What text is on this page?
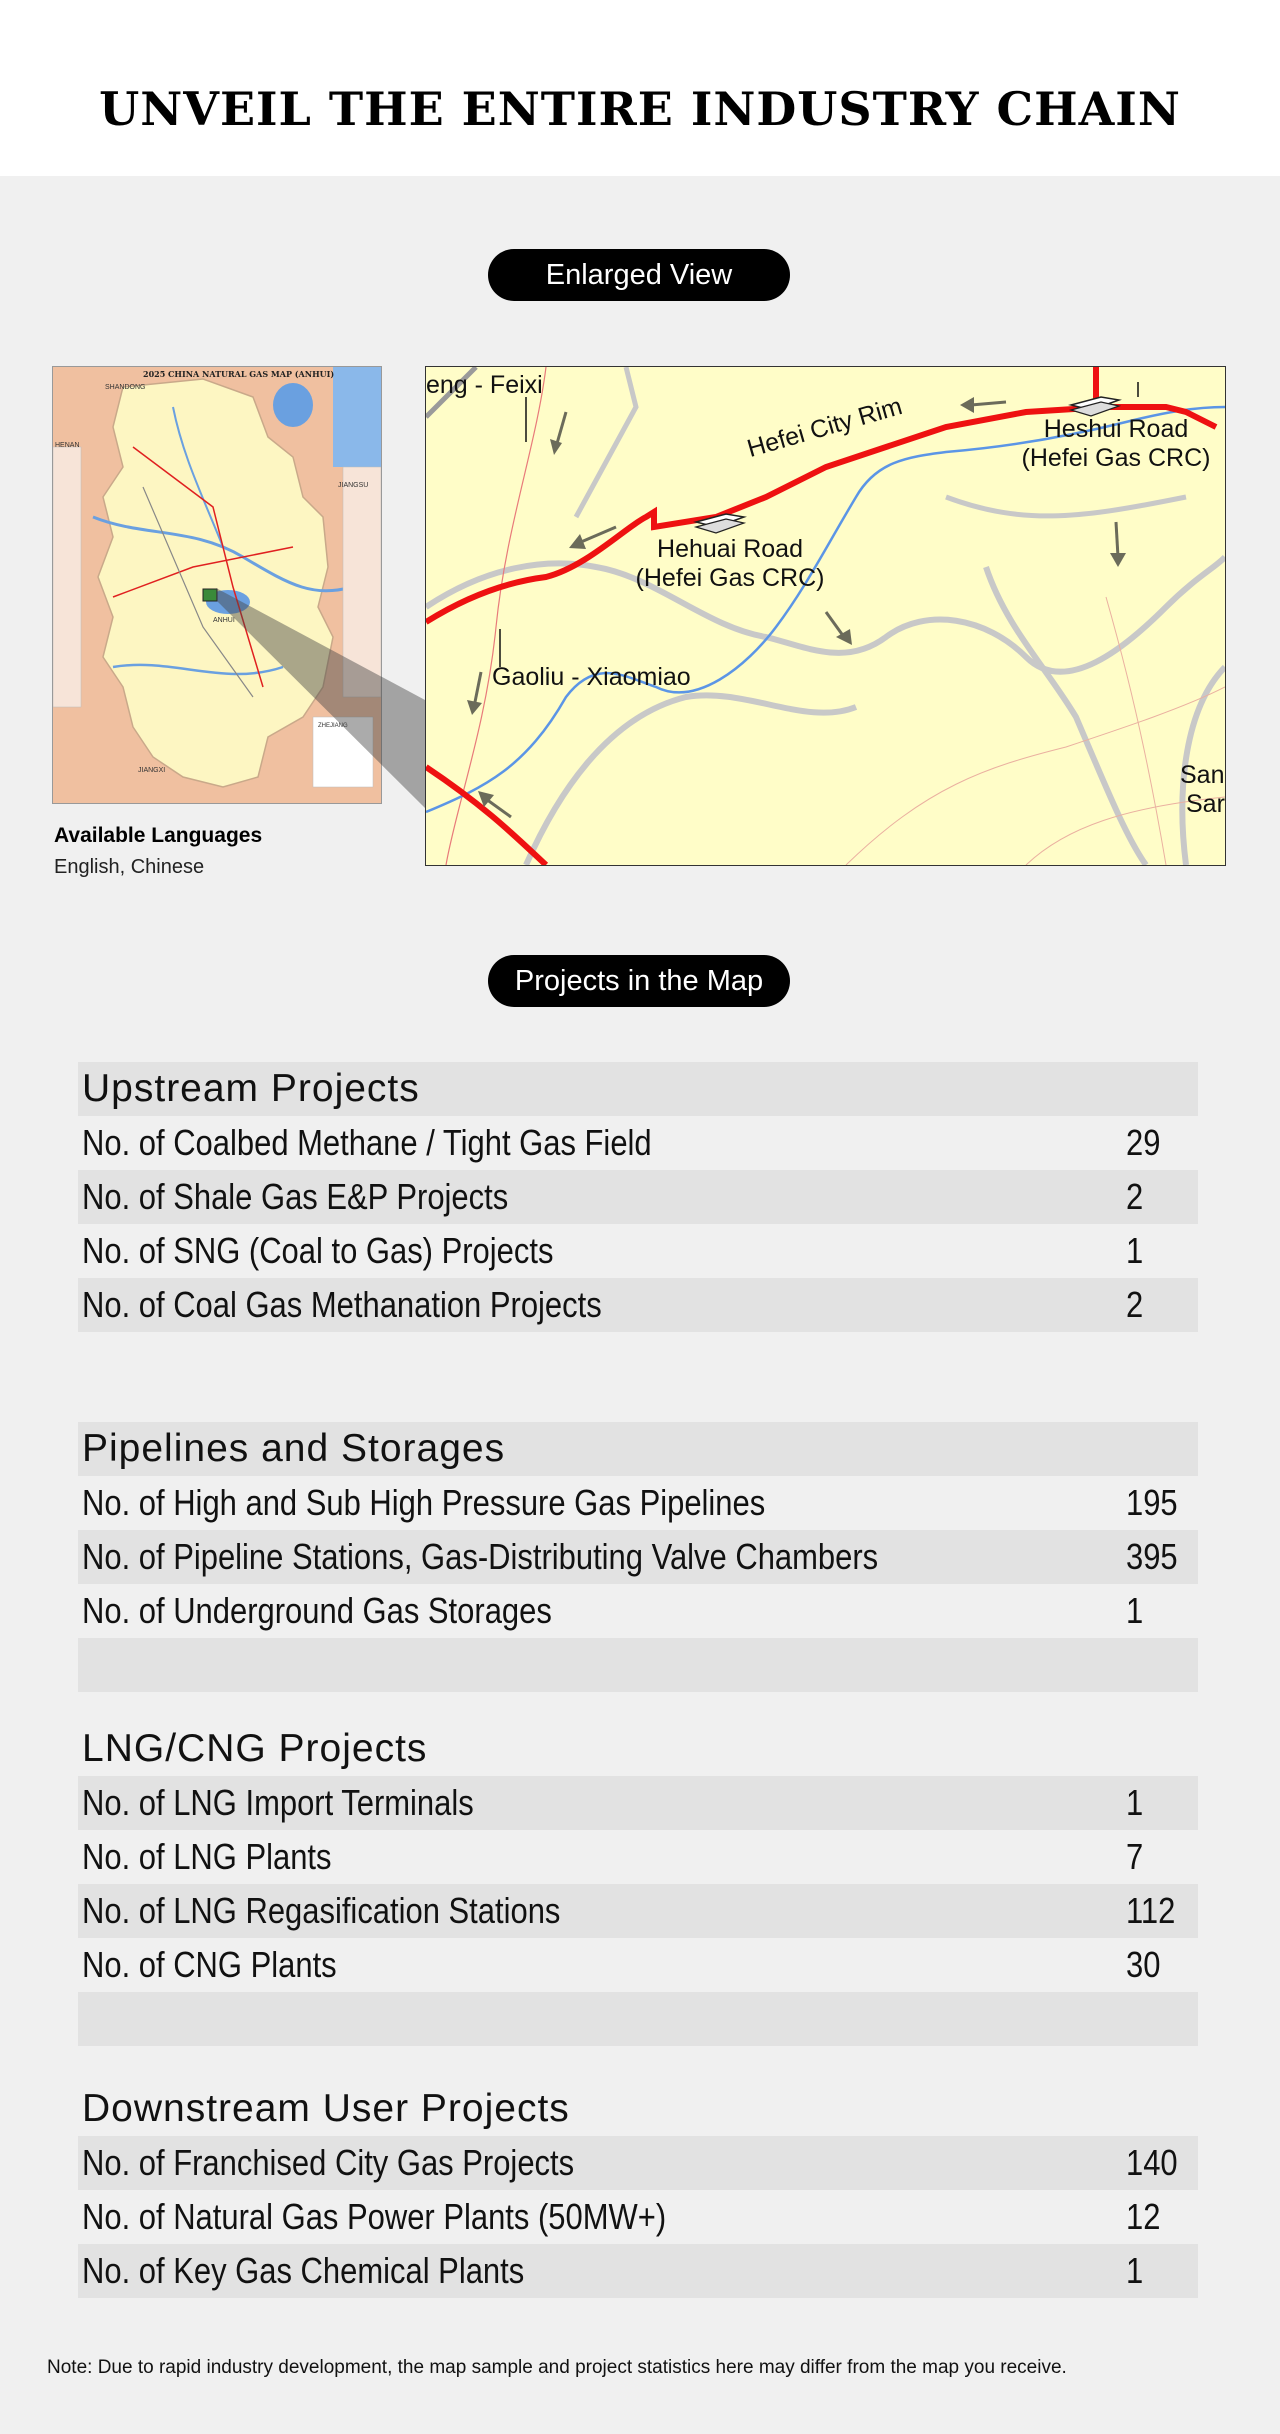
UNVEIL THE ENTIRE INDUSTRY CHAIN
Enlarged View
2025 CHINA NATURAL GAS MAP (ANHUI)
SHANDONG
HENAN
JIANGSU
ANHUI
JIANGXI
ZHEJIANG
Available Languages
English, Chinese
eng - Feixi
Hefei City Rim	Heshui Road
(Hefei Gas CRC)
Hehuai Road
(Hefei Gas CRC)
Gaoliu - Xiaomiao
San
Sar
Projects in the Map
Upstream Projects
No. of Coalbed Methane / Tight Gas Field	29
No. of Shale Gas E&P Projects	2
No. of SNG (Coal to Gas) Projects	1
No. of Coal Gas Methanation Projects	2
Pipelines and Storages
No. of High and Sub High Pressure Gas Pipelines	195
No. of Pipeline Stations, Gas-Distributing Valve Chambers	395
No. of Underground Gas Storages	1
LNG/CNG Projects
No. of LNG Import Terminals	1
No. of LNG Plants	7
No. of LNG Regasification Stations	112
No. of CNG Plants	30
Downstream User Projects
No. of Franchised City Gas Projects	140
No. of Natural Gas Power Plants (50MW+)	12
No. of Key Gas Chemical Plants	1
Note: Due to rapid industry development, the map sample and project statistics here may differ from the map you receive.
